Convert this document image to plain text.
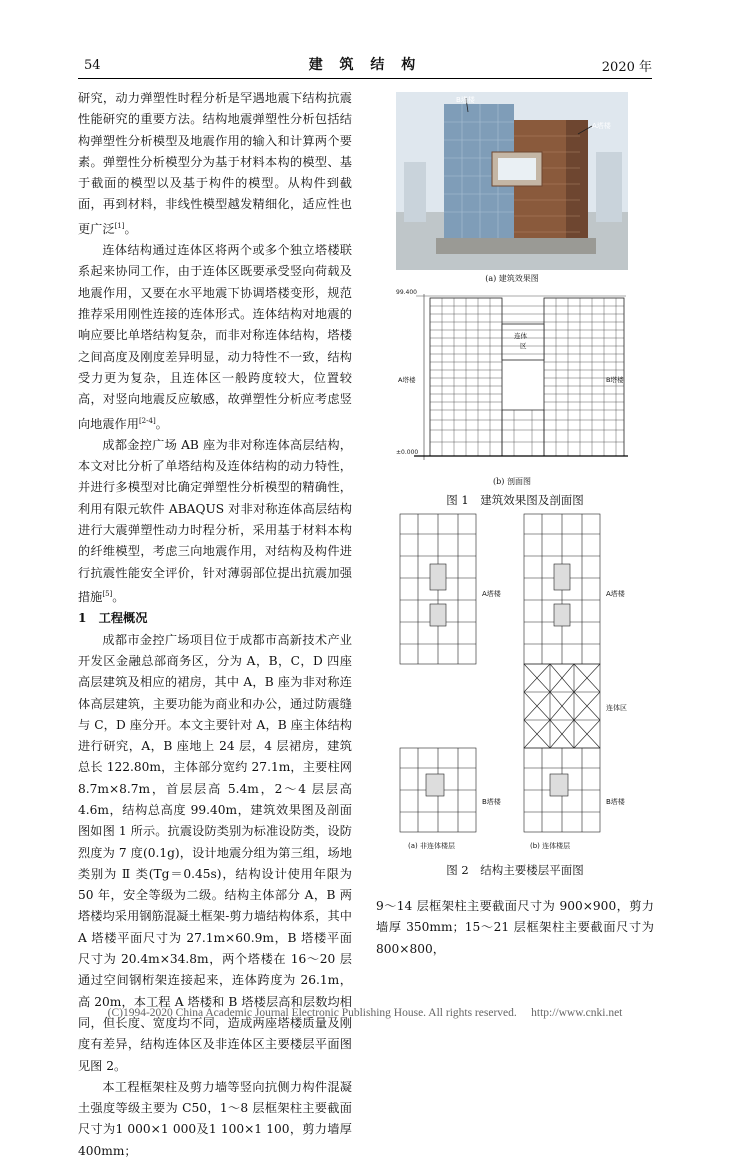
54	建 筑 结 构	2020 年

研究，动力弹塑性时程分析是罕遇地震下结构抗震性能研究的重要方法。结构地震弹塑性分析包括结构弹塑性分析模型及地震作用的输入和计算两个要素。弹塑性分析模型分为基于材料本构的模型、基于截面的模型以及基于构件的模型。从构件到截面，再到材料，非线性模型越发精细化，适应性也更广泛[1]。

连体结构通过连体区将两个或多个独立塔楼联系起来协同工作，由于连体区既要承受竖向荷载及地震作用，又要在水平地震下协调塔楼变形，规范推荐采用刚性连接的连体形式。连体结构对地震的响应要比单塔结构复杂，而非对称连体结构，塔楼之间高度及刚度差异明显，动力特性不一致，结构受力更为复杂，且连体区一般跨度较大，位置较高，对竖向地震反应敏感，故弹塑性分析应考虑竖向地震作用[2-4]。

成都金控广场 AB 座为非对称连体高层结构，本文对比分析了单塔结构及连体结构的动力特性，并进行多模型对比确定弹塑性分析模型的精确性，利用有限元软件 ABAQUS 对非对称连体高层结构进行大震弹塑性动力时程分析，采用基于材料本构的纤维模型，考虑三向地震作用，对结构及构件进行抗震性能安全评价，针对薄弱部位提出抗震加强措施[5]。

1　工程概况

成都市金控广场项目位于成都市高新技术产业开发区金融总部商务区，分为 A，B，C，D 四座高层建筑及相应的裙房，其中 A，B 座为非对称连体高层建筑，主要功能为商业和办公，通过防震缝与 C，D 座分开。本文主要针对 A，B 座主体结构进行研究，A，B 座地上 24 层，4 层裙房，建筑总长 122.80m，主体部分宽约 27.1m，主要柱网 8.7m×8.7m，首层层高 5.4m，2～4 层层高 4.6m，结构总高度 99.40m，建筑效果图及剖面图如图 1 所示。抗震设防类别为标准设防类，设防烈度为 7 度(0.1g)，设计地震分组为第三组，场地类别为 Ⅱ 类(Tg＝0.45s)，结构设计使用年限为 50 年，安全等级为二级。结构主体部分 A，B 两塔楼均采用钢筋混凝土框架-剪力墙结构体系，其中 A 塔楼平面尺寸为 27.1m×60.9m，B 塔楼平面尺寸为 20.4m×34.8m，两个塔楼在 16～20 层通过空间钢桁架连接起来，连体跨度为 26.1m，高 20m，本工程 A 塔楼和 B 塔楼层高和层数均相同，但长度、宽度均不同，造成两座塔楼质量及刚度有差异，结构连体区及非连体区主要楼层平面图见图 2。

本工程框架柱及剪力墙等竖向抗侧力构件混凝土强度等级主要为 C50，1～8 层框架柱主要截面尺寸为1 000×1 000及1 100×1 100，剪力墙厚 400mm；

B塔楼
A塔楼
(a) 建筑效果图
99.400
±0.000
连体
区
A塔楼	B塔楼
(b) 剖面图
图 1　建筑效果图及剖面图
A塔楼	A塔楼
连体区
B塔楼	B塔楼
(a) 非连体楼层	(b) 连体楼层
图 2　结构主要楼层平面图

9～14 层框架柱主要截面尺寸为 900×900，剪力墙厚 350mm；15～21 层框架柱主要截面尺寸为 800×800，

(C)1994-2020 China Academic Journal Electronic Publishing House. All rights reserved.　 http://www.cnki.net
